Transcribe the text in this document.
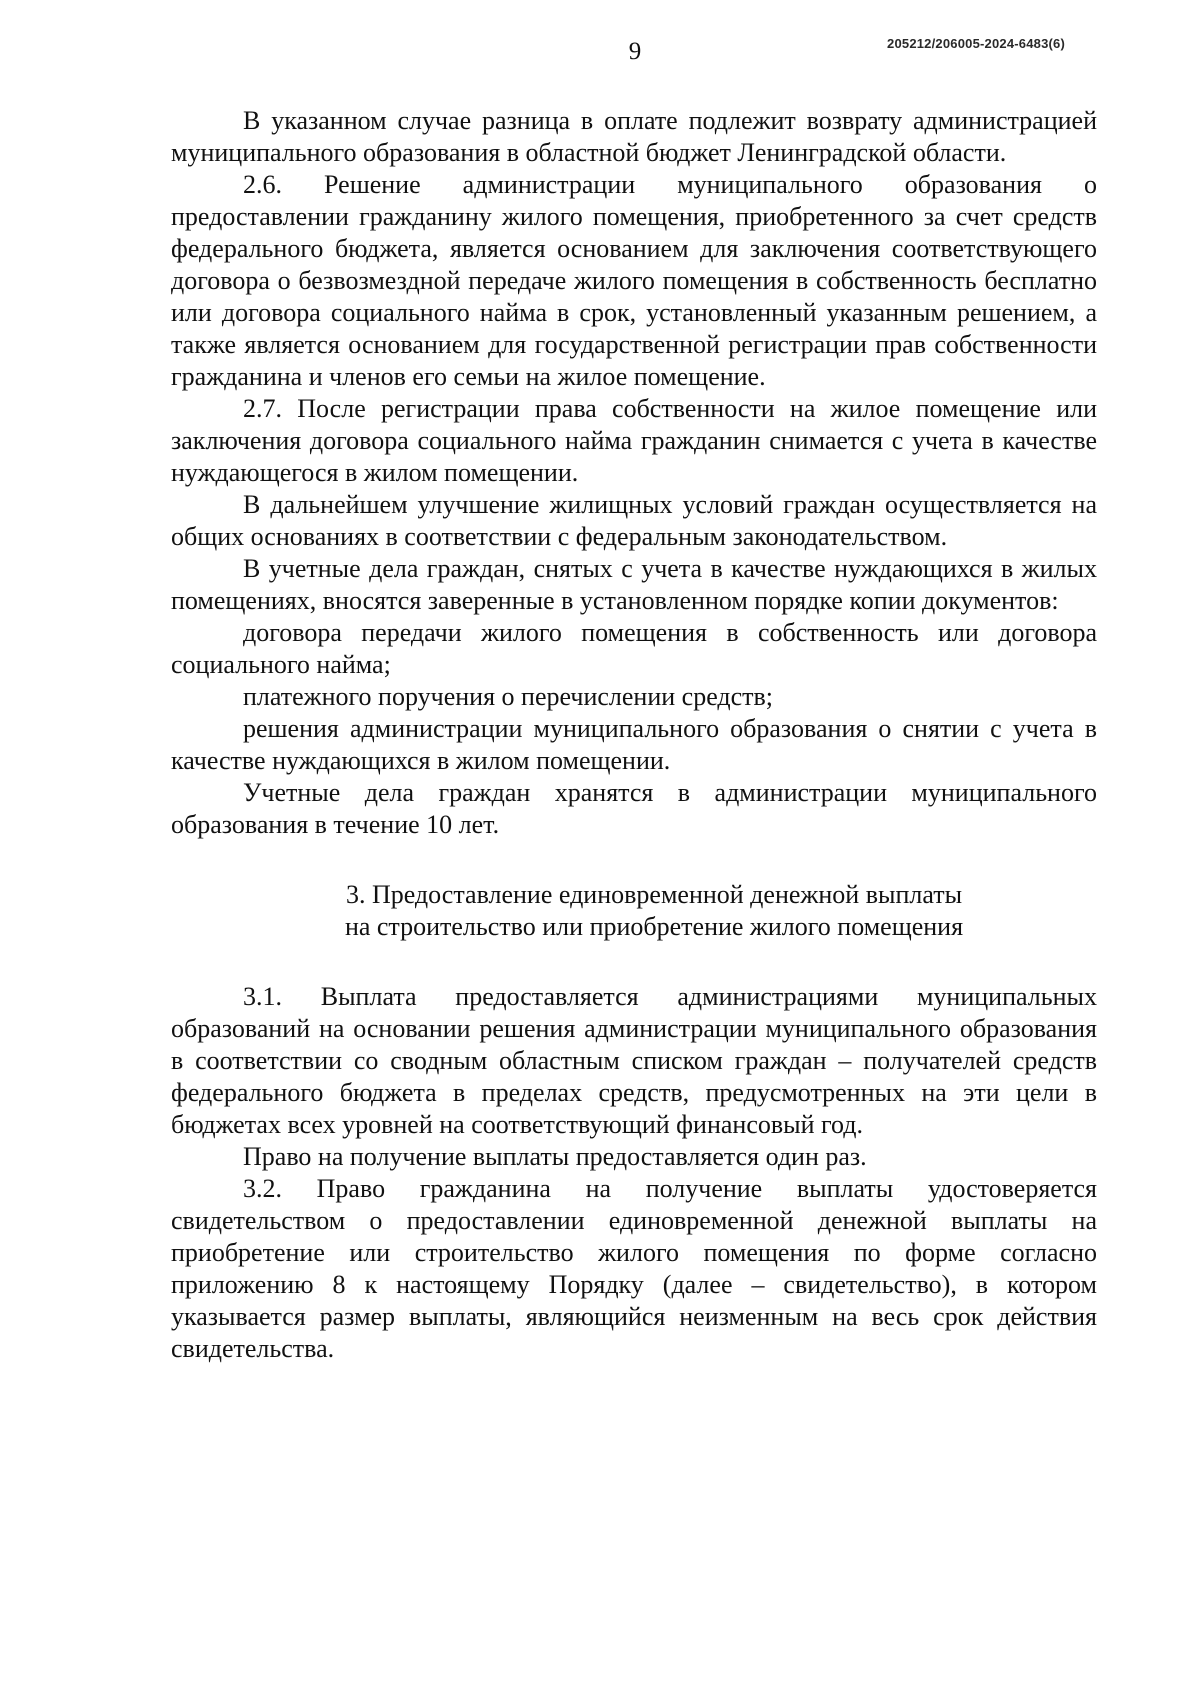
9	205212/206005-2024-6483(6)

В указанном случае разница в оплате подлежит возврату администрацией муниципального образования в областной бюджет Ленинградской области.

2.6. Решение администрации муниципального образования о предоставлении гражданину жилого помещения, приобретенного за счет средств федерального бюджета, является основанием для заключения соответствующего договора о безвозмездной передаче жилого помещения в собственность бесплатно или договора социального найма в срок, установленный указанным решением, а также является основанием для государственной регистрации прав собственности гражданина и членов его семьи на жилое помещение.

2.7. После регистрации права собственности на жилое помещение или заключения договора социального найма гражданин снимается с учета в качестве нуждающегося в жилом помещении.

В дальнейшем улучшение жилищных условий граждан осуществляется на общих основаниях в соответствии с федеральным законодательством.

В учетные дела граждан, снятых с учета в качестве нуждающихся в жилых помещениях, вносятся заверенные в установленном порядке копии документов:

договора передачи жилого помещения в собственность или договора социального найма;

платежного поручения о перечислении средств;

решения администрации муниципального образования о снятии с учета в качестве нуждающихся в жилом помещении.

Учетные дела граждан хранятся в администрации муниципального образования в течение 10 лет.

3. Предоставление единовременной денежной выплаты
на строительство или приобретение жилого помещения

3.1. Выплата предоставляется администрациями муниципальных образований на основании решения администрации муниципального образования в соответствии со сводным областным списком граждан – получателей средств федерального бюджета в пределах средств, предусмотренных на эти цели в бюджетах всех уровней на соответствующий финансовый год.

Право на получение выплаты предоставляется один раз.

3.2. Право гражданина на получение выплаты удостоверяется свидетельством о предоставлении единовременной денежной выплаты на приобретение или строительство жилого помещения по форме согласно приложению 8 к настоящему Порядку (далее – свидетельство), в котором указывается размер выплаты, являющийся неизменным на весь срок действия свидетельства.
